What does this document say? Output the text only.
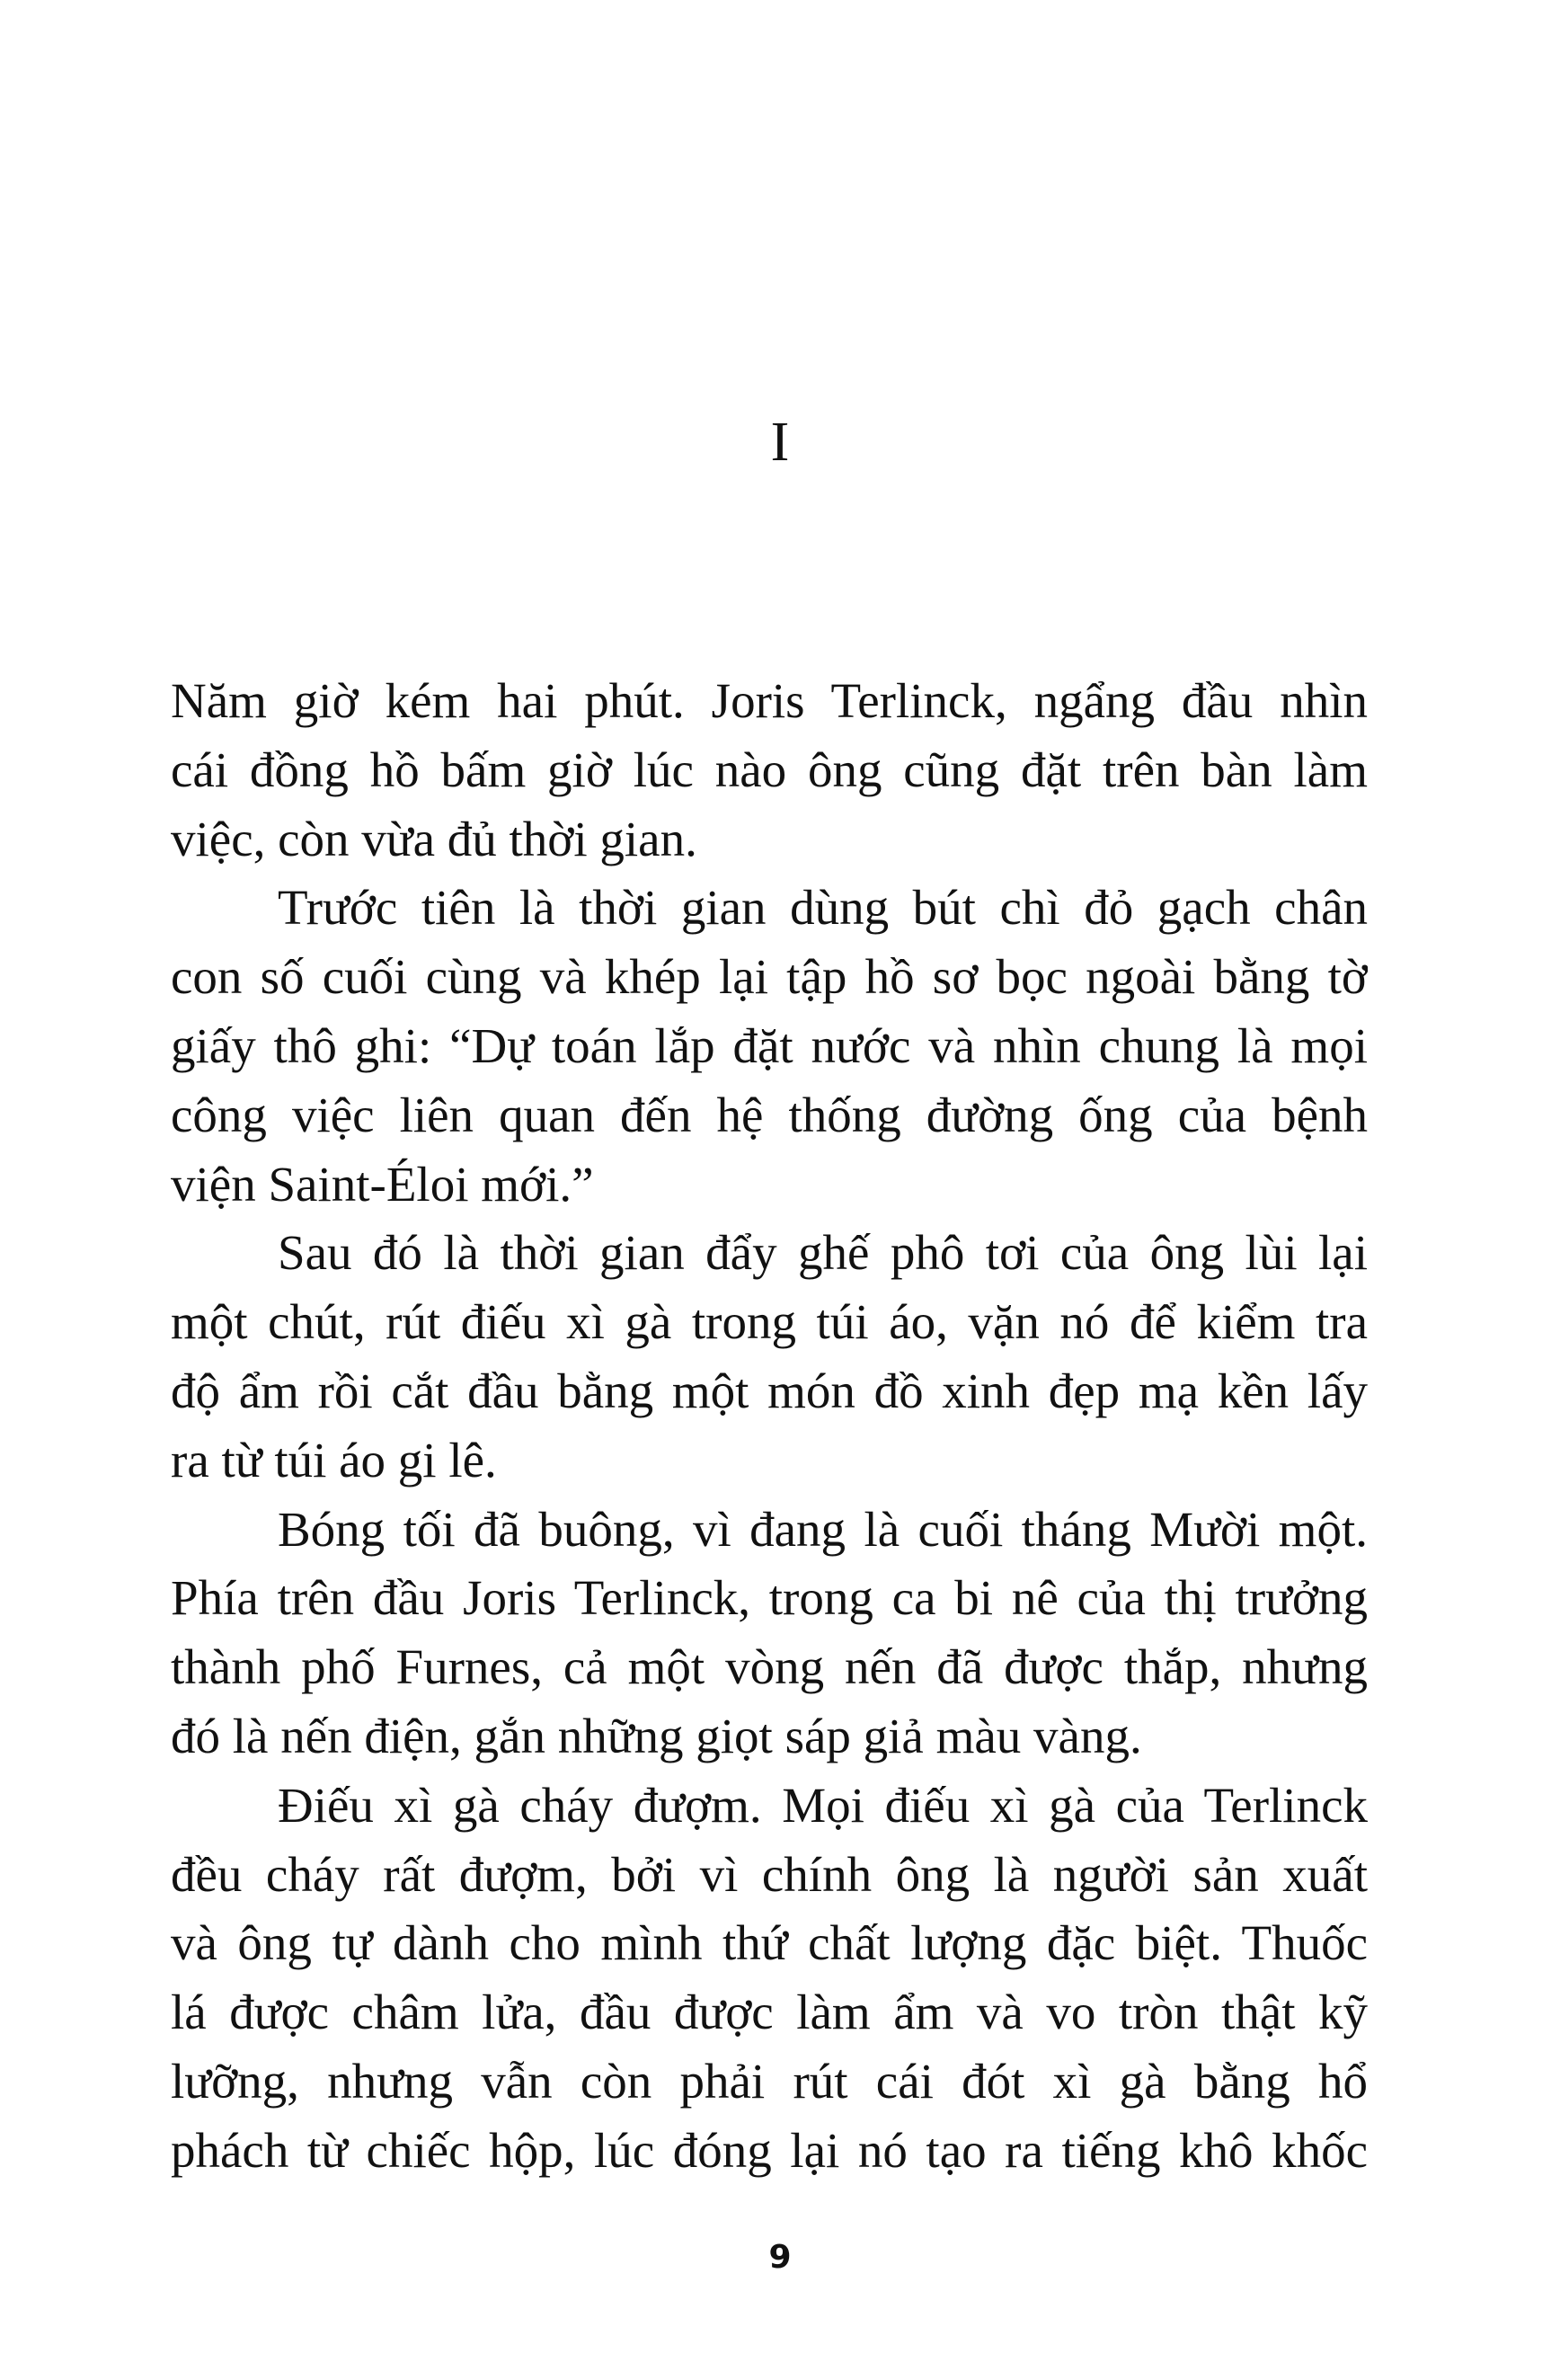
I
Năm giờ kém hai phút. Joris Terlinck, ngẩng đầu nhìn
cái đồng hồ bấm giờ lúc nào ông cũng đặt trên bàn làm
việc, còn vừa đủ thời gian.
Trước tiên là thời gian dùng bút chì đỏ gạch chân
con số cuối cùng và khép lại tập hồ sơ bọc ngoài bằng tờ
giấy thô ghi: “Dự toán lắp đặt nước và nhìn chung là mọi
công việc liên quan đến hệ thống đường ống của bệnh
viện Saint-Éloi mới.”
Sau đó là thời gian đẩy ghế phô tơi của ông lùi lại
một chút, rút điếu xì gà trong túi áo, vặn nó để kiểm tra
độ ẩm rồi cắt đầu bằng một món đồ xinh đẹp mạ kền lấy
ra từ túi áo gi lê.
Bóng tối đã buông, vì đang là cuối tháng Mười một.
Phía trên đầu Joris Terlinck, trong ca bi nê của thị trưởng
thành phố Furnes, cả một vòng nến đã được thắp, nhưng
đó là nến điện, gắn những giọt sáp giả màu vàng.
Điếu xì gà cháy đượm. Mọi điếu xì gà của Terlinck
đều cháy rất đượm, bởi vì chính ông là người sản xuất
và ông tự dành cho mình thứ chất lượng đặc biệt. Thuốc
lá được châm lửa, đầu được làm ẩm và vo tròn thật kỹ
lưỡng, nhưng vẫn còn phải rút cái đót xì gà bằng hổ
phách từ chiếc hộp, lúc đóng lại nó tạo ra tiếng khô khốc
9
